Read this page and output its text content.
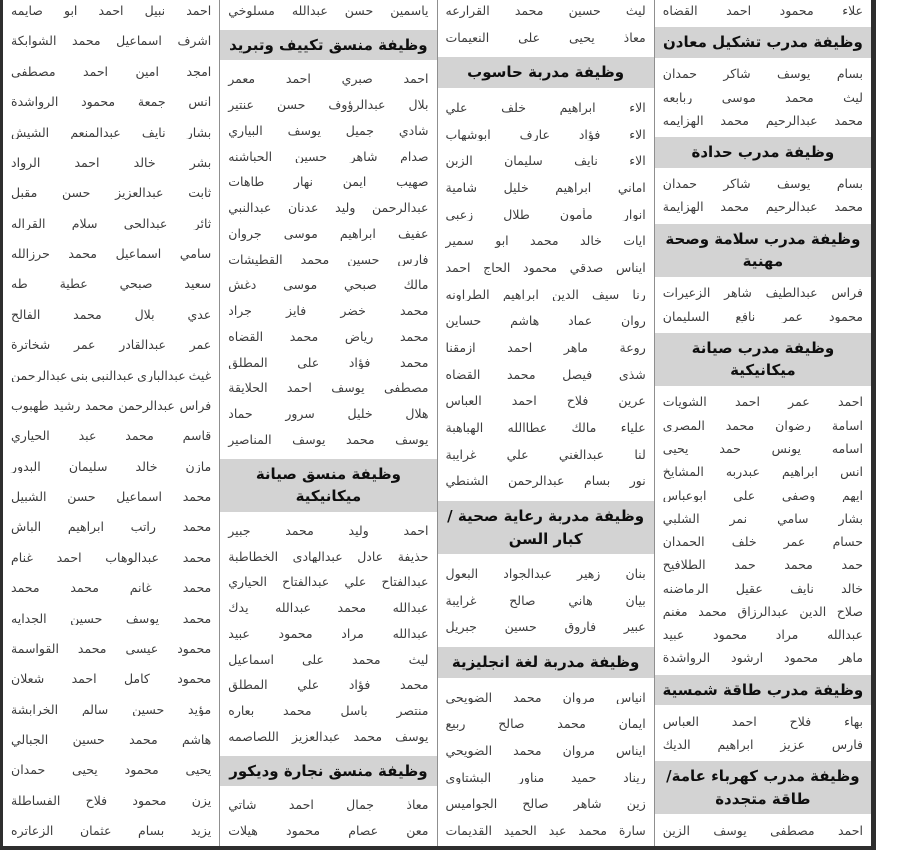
علاء
محمود
احمد
القضاه
وظيفة مدرب تشكيل معادن
بسام
يوسف
شاكر
حمدان
ليث
محمد
موسى
ربابعه
محمد
عبدالرحيم
محمد
الهزايمه
وظيفة مدرب حدادة
بسام
يوسف
شاكر
حمدان
محمد
عبدالرحيم
محمد
الهزايمة
وظيفة مدرب سلامة وصحة مهنية
فراس
عبدالطيف
شاهر
الزعيرات
محمود
عمر
نافع
السليمان
وظيفة مدرب صيانة ميكانيكية
احمد
عمر
احمد
الشويات
اسامة
رضوان
محمد
المصري
اسامه
يونس
حمد
يحيى
انس
ابراهيم
عبدربه
المشايخ
ايهم
وصفي
علي
ابوعباس
بشار
سامي
نمر
الشلبي
حسام
عمر
خلف
الحمدان
حمد
محمد
حمد
الطلافيح
خالد
نايف
عقيل
الرماضنه
صلاح
الدين
عبدالرزاق
محمد
مغنم
عبدالله
مراد
محمود
عبيد
ماهر
محمود
ارشود
الرواشدة
وظيفة مدرب طاقة شمسية
بهاء
فلاح
احمد
العباس
فارس
عزيز
ابراهيم
الديك
وظيفة مدرب كهرباء عامة/ طاقة متجددة
احمد
مصطفى
يوسف
الزين
ليث
حسين
محمد
القرارعه
معاذ
يحيى
علي
النعيمات
وظيفة مدربة حاسوب
الاء
ابراهيم
خلف
علي
الاء
فؤاد
عارف
ابوشهاب
الاء
نايف
سليمان
الزبن
اماني
ابراهيم
خليل
شامية
انوار
مأمون
طلال
زعبي
ايات
خالد
محمد
ابو
سمير
ايناس
صدقي
محمود
الحاج
احمد
رنا
سيف
الدين
ابراهيم
الطراونه
روان
عماد
هاشم
حساين
روعة
ماهر
احمد
ازمقنا
شذى
فيصل
محمد
القضاه
عرين
فلاح
احمد
العباس
علياء
مالك
عطاالله
الهباهبة
لنا
عبدالغني
علي
غرايبة
نور
بسام
عبدالرحمن
الشنطي
وظيفة مدربة رعاية صحية /كبار السن
بنان
زهير
عبدالجواد
البعول
بيان
هاني
صالح
غرايبة
عبير
فاروق
حسين
جبريل
وظيفة مدربة لغة انجليزية
انياس
مروان
محمد
الضويحي
ايمان
محمد
صالح
ربيع
ايناس
مروان
محمد
الضويحي
ريناد
حميد
مناور
البشتاوي
زين
شاهر
صالح
الجواميس
سارة
محمد
عبد
الحميد
القديمات
ياسمين
حسن
عبدالله
مسلوخي
وظيفة منسق تكييف وتبريد
احمد
صبري
احمد
معمر
بلال
عبدالرؤوف
حسن
عنتير
شادي
جميل
يوسف
البياري
صدام
شاهر
حسين
الحباشنه
صهيب
ايمن
نهار
طاهات
عبدالرحمن
وليد
عدنان
عبدالنبي
عفيف
ابراهيم
موسى
جروان
فارس
حسين
محمد
القطيشات
مالك
صبحي
موسى
دغش
محمد
خضر
فايز
جراد
محمد
رياض
محمد
القضاه
محمد
فؤاد
علي
المطلق
مصطفى
يوسف
احمد
الحلايقة
هلال
خليل
سرور
حماد
يوسف
محمد
يوسف
المناصير
وظيفة منسق صيانة ميكانيكية
احمد
وليد
محمد
جبير
حذيفة
عادل
عبدالهادي
الخطاطبة
عبدالفتاح
علي
عبدالفتاح
الحياري
عبدالله
محمد
عبدالله
يدك
عبدالله
مراد
محمود
عبيد
ليث
محمد
علي
اسماعيل
محمد
فؤاد
علي
المطلق
منتصر
باسل
محمد
بعاره
يوسف
محمد
عبدالعزيز
اللصاصمه
وظيفة منسق نجارة وديكور
معاذ
جمال
احمد
شاتي
معن
عصام
محمود
هيلات
احمد
نبيل
احمد
ابو
صايمه
اشرف
اسماعيل
محمد
الشوابكة
امجد
امين
احمد
مصطفى
انس
جمعة
محمود
الرواشدة
بشار
نايف
عبدالمنعم
الشيش
بشر
خالد
احمد
الرواد
ثابت
عبدالعزيز
حسن
مقبل
ثائر
عبدالحي
سلام
القراله
سامي
اسماعيل
محمد
حرزالله
سعيد
صبحي
عطية
طه
عدي
بلال
محمد
الفالح
عمر
عبدالقادر
عمر
شخاترة
غيث
عبدالبارى
عبدالنبي
بني
عبدالرحمن
فراس
عبدالرحمن
محمد
رشيد
طهبوب
قاسم
محمد
عبد
الحياري
مازن
خالد
سليمان
البدور
محمد
اسماعيل
حسن
الشبيل
محمد
راتب
ابراهيم
الباش
محمد
عبدالوهاب
احمد
غنام
محمد
غانم
محمد
محمد
محمد
يوسف
حسين
الجدايه
محمود
عيسى
محمد
القواسمة
محمود
كامل
احمد
شعلان
مؤيد
حسين
سالم
الخرابشة
هاشم
محمد
حسين
الجبالي
يحيى
محمود
يحيى
حمدان
يزن
محمود
فلاح
الفساطلة
يزيد
بسام
عثمان
الزعاتره
